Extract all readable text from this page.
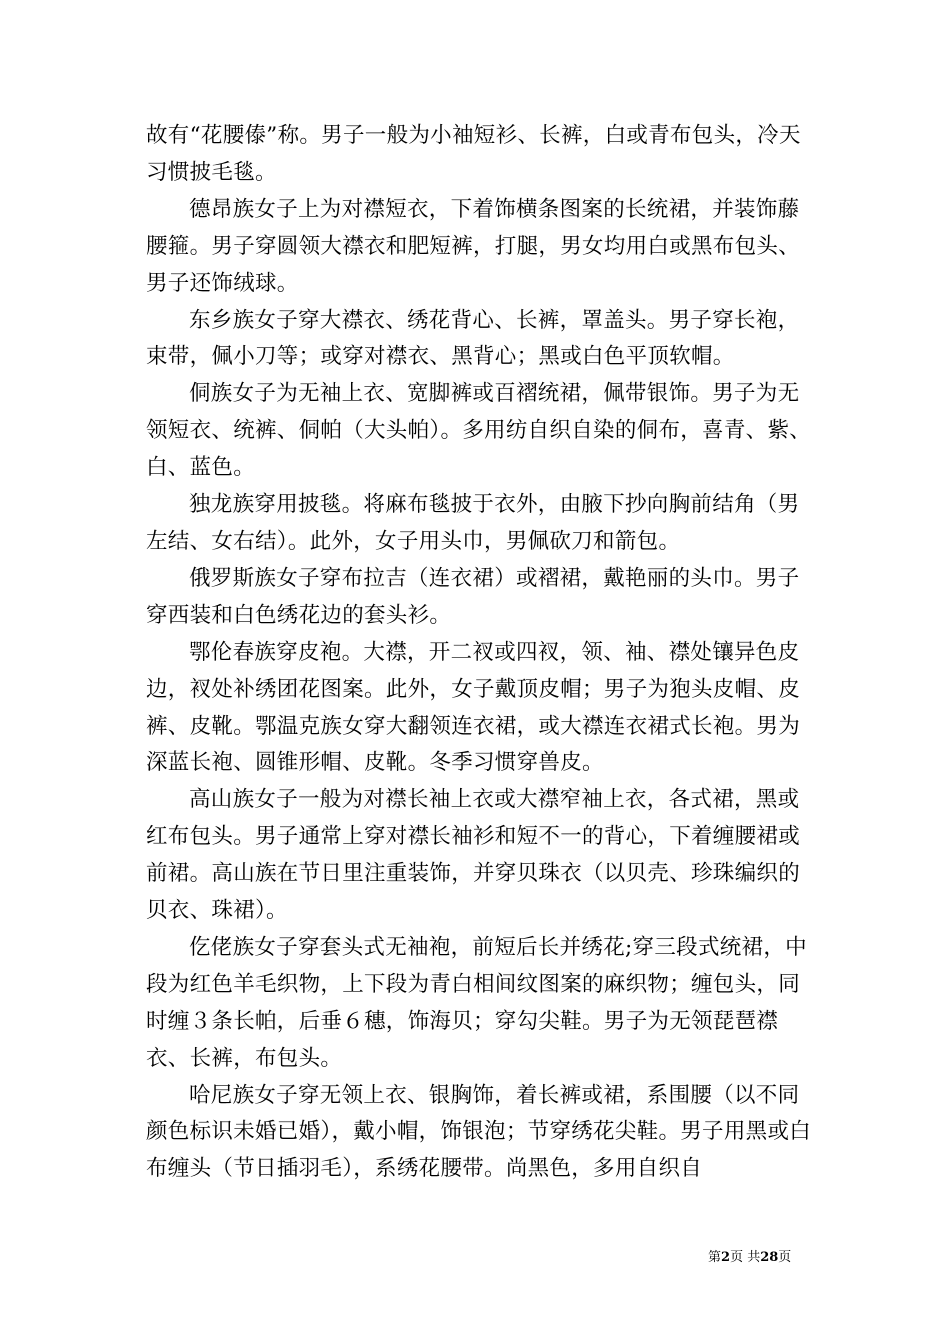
故有“花腰傣”称。男子一般为小袖短衫、长裤，白或青布包头，冷天习惯披毛毯。

德昂族女子上为对襟短衣，下着饰横条图案的长统裙，并装饰藤腰箍。男子穿圆领大襟衣和肥短裤，打腿，男女均用白或黑布包头、男子还饰绒球。

东乡族女子穿大襟衣、绣花背心、长裤，罩盖头。男子穿长袍，束带，佩小刀等；或穿对襟衣、黑背心；黑或白色平顶软帽。

侗族女子为无袖上衣、宽脚裤或百褶统裙，佩带银饰。男子为无领短衣、统裤、侗帕（大头帕）。多用纺自织自染的侗布，喜青、紫、白、蓝色。

独龙族穿用披毯。将麻布毯披于衣外，由腋下抄向胸前结角（男左结、女右结）。此外，女子用头巾，男佩砍刀和箭包。

俄罗斯族女子穿布拉吉（连衣裙）或褶裙，戴艳丽的头巾。男子穿西装和白色绣花边的套头衫。

鄂伦春族穿皮袍。大襟，开二衩或四衩，领、袖、襟处镶异色皮边，衩处补绣团花图案。此外，女子戴顶皮帽；男子为狍头皮帽、皮裤、皮靴。鄂温克族女穿大翻领连衣裙，或大襟连衣裙式长袍。男为深蓝长袍、圆锥形帽、皮靴。冬季习惯穿兽皮。

高山族女子一般为对襟长袖上衣或大襟窄袖上衣，各式裙，黑或红布包头。男子通常上穿对襟长袖衫和短不一的背心，下着缠腰裙或前裙。高山族在节日里注重装饰，并穿贝珠衣（以贝壳、珍珠编织的贝衣、珠裙）。

仡佬族女子穿套头式无袖袍，前短后长并绣花;穿三段式统裙，中段为红色羊毛织物，上下段为青白相间纹图案的麻织物；缠包头，同时缠３条长帕，后垂６穗，饰海贝；穿勾尖鞋。男子为无领琵琶襟衣、长裤，布包头。

哈尼族女子穿无领上衣、银胸饰，着长裤或裙，系围腰（以不同颜色标识未婚已婚），戴小帽，饰银泡；节穿绣花尖鞋。男子用黑或白布缠头（节日插羽毛），系绣花腰带。尚黑色，多用自织自

第2页 共28页
